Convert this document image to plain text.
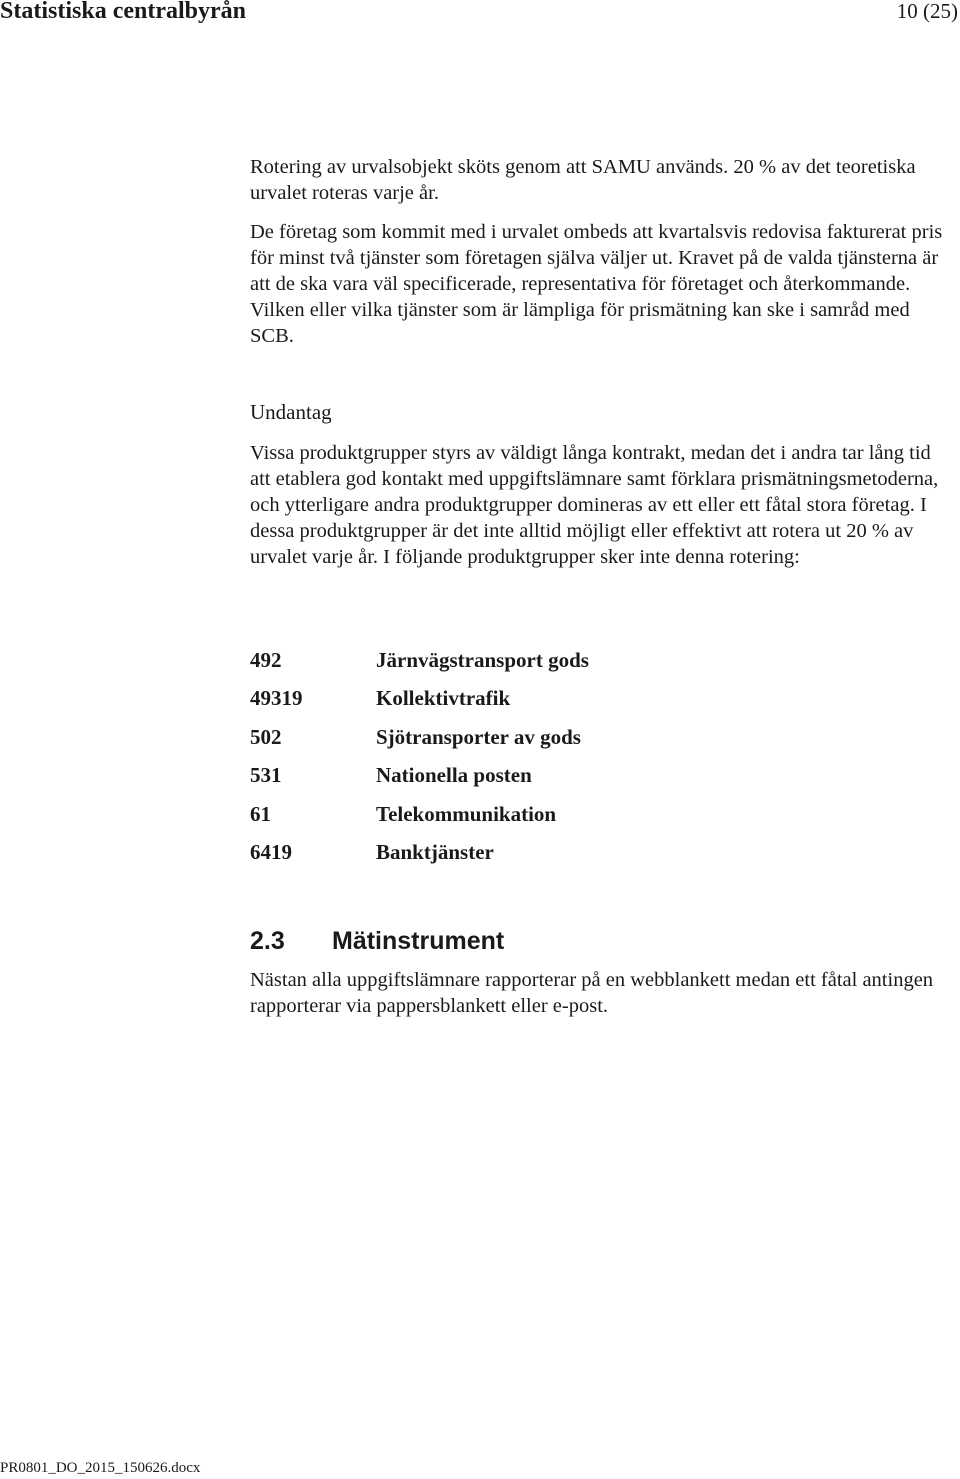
Statistiska centralbyrån	10 (25)

Rotering av urvalsobjekt sköts genom att SAMU används. 20 % av det teoretiska urvalet roteras varje år.

De företag som kommit med i urvalet ombeds att kvartalsvis redovisa fakturerat pris för minst två tjänster som företagen själva väljer ut. Kravet på de valda tjänsterna är att de ska vara väl specificerade, representativa för företaget och återkommande. Vilken eller vilka tjänster som är lämpliga för prismätning kan ske i samråd med SCB.

Undantag

Vissa produktgrupper styrs av väldigt långa kontrakt, medan det i andra tar lång tid att etablera god kontakt med uppgiftslämnare samt förklara prismätningsmetoderna, och ytterligare andra produktgrupper domineras av ett eller ett fåtal stora företag. I dessa produktgrupper är det inte alltid möjligt eller effektivt att rotera ut 20 % av urvalet varje år. I följande produktgrupper sker inte denna rotering:

492	Järnvägstransport gods
49319	Kollektivtrafik
502	Sjötransporter av gods
531	Nationella posten
61	Telekommunikation
6419	Banktjänster
2.3 Mätinstrument

Nästan alla uppgiftslämnare rapporterar på en webblankett medan ett fåtal antingen rapporterar via pappersblankett eller e-post.

PR0801_DO_2015_150626.docx
